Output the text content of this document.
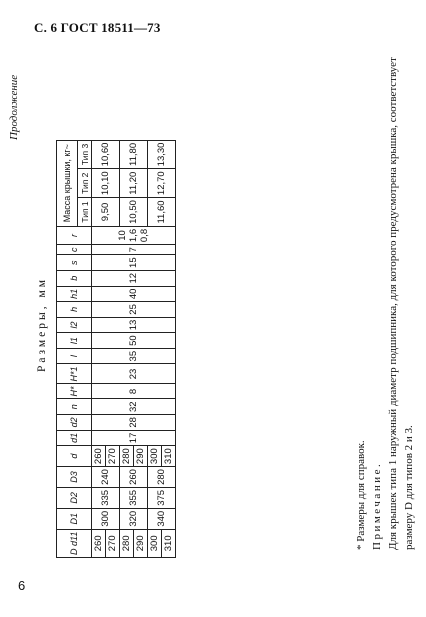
С. 6 ГОСТ 18511—73
Продолжение
Размеры, мм
D d11	D1	D2	D3	d	d1	d2	n	H*	H*1	l	l1	l2	h	h1	b	s	c	r	Масса крышки, кг~		
																			Тип 1	Тип 2	Тип 3
260	300	335	240	260	17	28	32	8	23	35	50	13	25	40	12	15	7	10 1,6 0,8	9,50	10,10	10,60
270				270																	
280	320	355	260	280															10,50	11,20	11,80
290				290																	
300	340	375	280	300															11,60	12,70	13,30
310				310																		* Размеры для справок. Примечание. Для крышек типа 1 наружный диаметр подшипника, для которого предусмотрена крышка, соответствует размеру D для типов 2 и 3.
6
